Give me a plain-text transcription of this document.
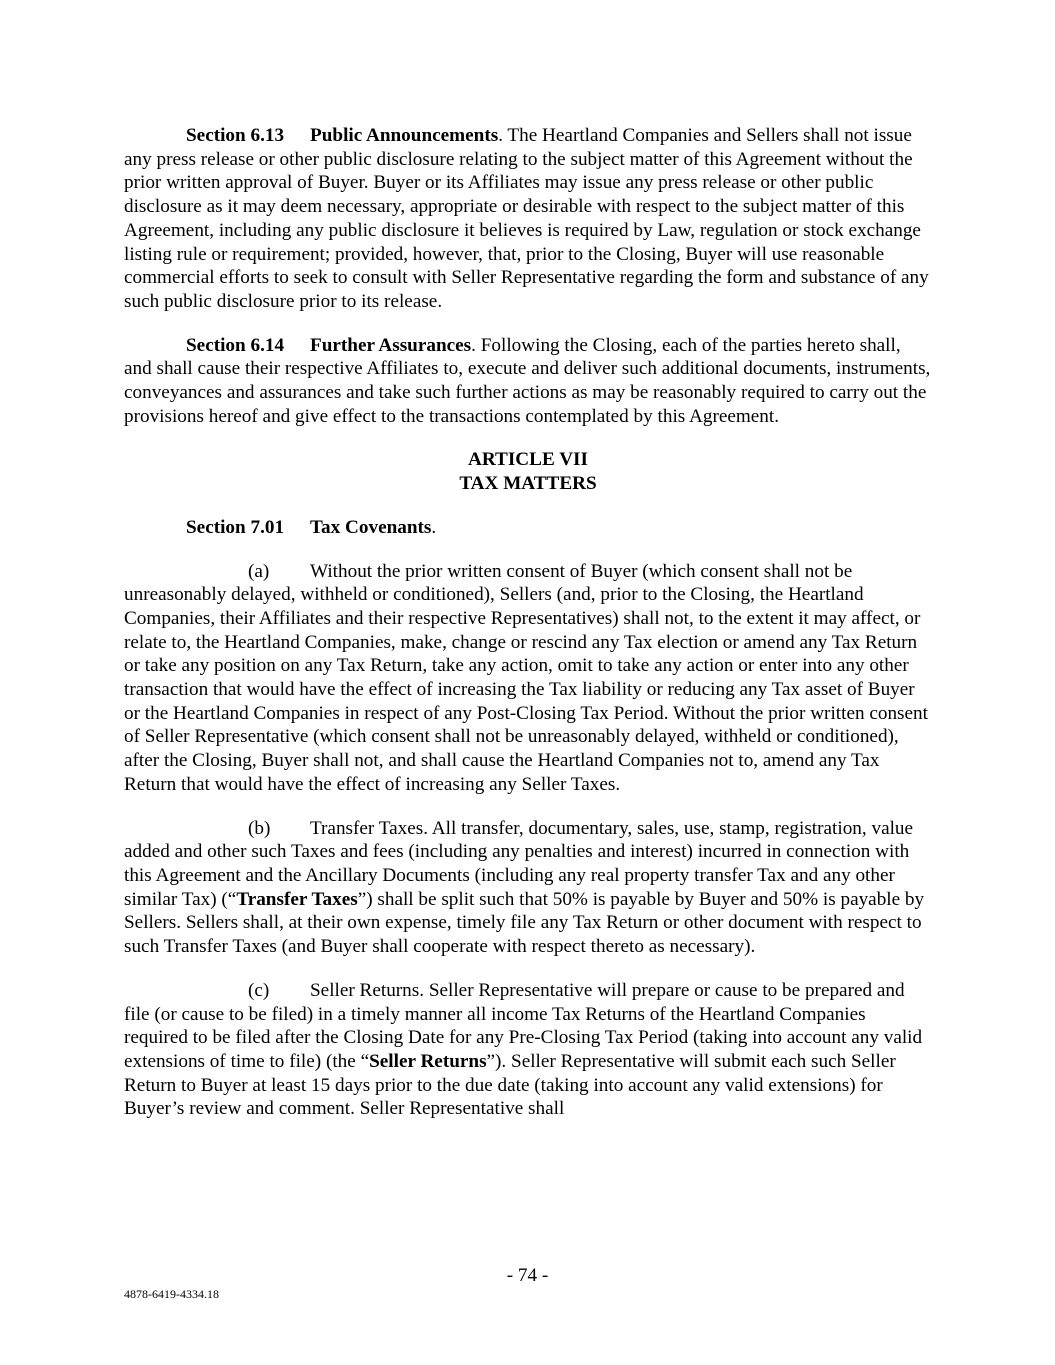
Section 6.13 Public Announcements. The Heartland Companies and Sellers shall not issue any press release or other public disclosure relating to the subject matter of this Agreement without the prior written approval of Buyer. Buyer or its Affiliates may issue any press release or other public disclosure as it may deem necessary, appropriate or desirable with respect to the subject matter of this Agreement, including any public disclosure it believes is required by Law, regulation or stock exchange listing rule or requirement; provided, however, that, prior to the Closing, Buyer will use reasonable commercial efforts to seek to consult with Seller Representative regarding the form and substance of any such public disclosure prior to its release.

Section 6.14 Further Assurances. Following the Closing, each of the parties hereto shall, and shall cause their respective Affiliates to, execute and deliver such additional documents, instruments, conveyances and assurances and take such further actions as may be reasonably required to carry out the provisions hereof and give effect to the transactions contemplated by this Agreement.

ARTICLE VII
TAX MATTERS

Section 7.01 Tax Covenants.

(a) Without the prior written consent of Buyer (which consent shall not be unreasonably delayed, withheld or conditioned), Sellers (and, prior to the Closing, the Heartland Companies, their Affiliates and their respective Representatives) shall not, to the extent it may affect, or relate to, the Heartland Companies, make, change or rescind any Tax election or amend any Tax Return or take any position on any Tax Return, take any action, omit to take any action or enter into any other transaction that would have the effect of increasing the Tax liability or reducing any Tax asset of Buyer or the Heartland Companies in respect of any Post-Closing Tax Period. Without the prior written consent of Seller Representative (which consent shall not be unreasonably delayed, withheld or conditioned), after the Closing, Buyer shall not, and shall cause the Heartland Companies not to, amend any Tax Return that would have the effect of increasing any Seller Taxes.

(b) Transfer Taxes. All transfer, documentary, sales, use, stamp, registration, value added and other such Taxes and fees (including any penalties and interest) incurred in connection with this Agreement and the Ancillary Documents (including any real property transfer Tax and any other similar Tax) (“Transfer Taxes”) shall be split such that 50% is payable by Buyer and 50% is payable by Sellers. Sellers shall, at their own expense, timely file any Tax Return or other document with respect to such Transfer Taxes (and Buyer shall cooperate with respect thereto as necessary).

(c) Seller Returns. Seller Representative will prepare or cause to be prepared and file (or cause to be filed) in a timely manner all income Tax Returns of the Heartland Companies required to be filed after the Closing Date for any Pre-Closing Tax Period (taking into account any valid extensions of time to file) (the “Seller Returns”). Seller Representative will submit each such Seller Return to Buyer at least 15 days prior to the due date (taking into account any valid extensions) for Buyer’s review and comment. Seller Representative shall

- 74 -
4878-6419-4334.18
